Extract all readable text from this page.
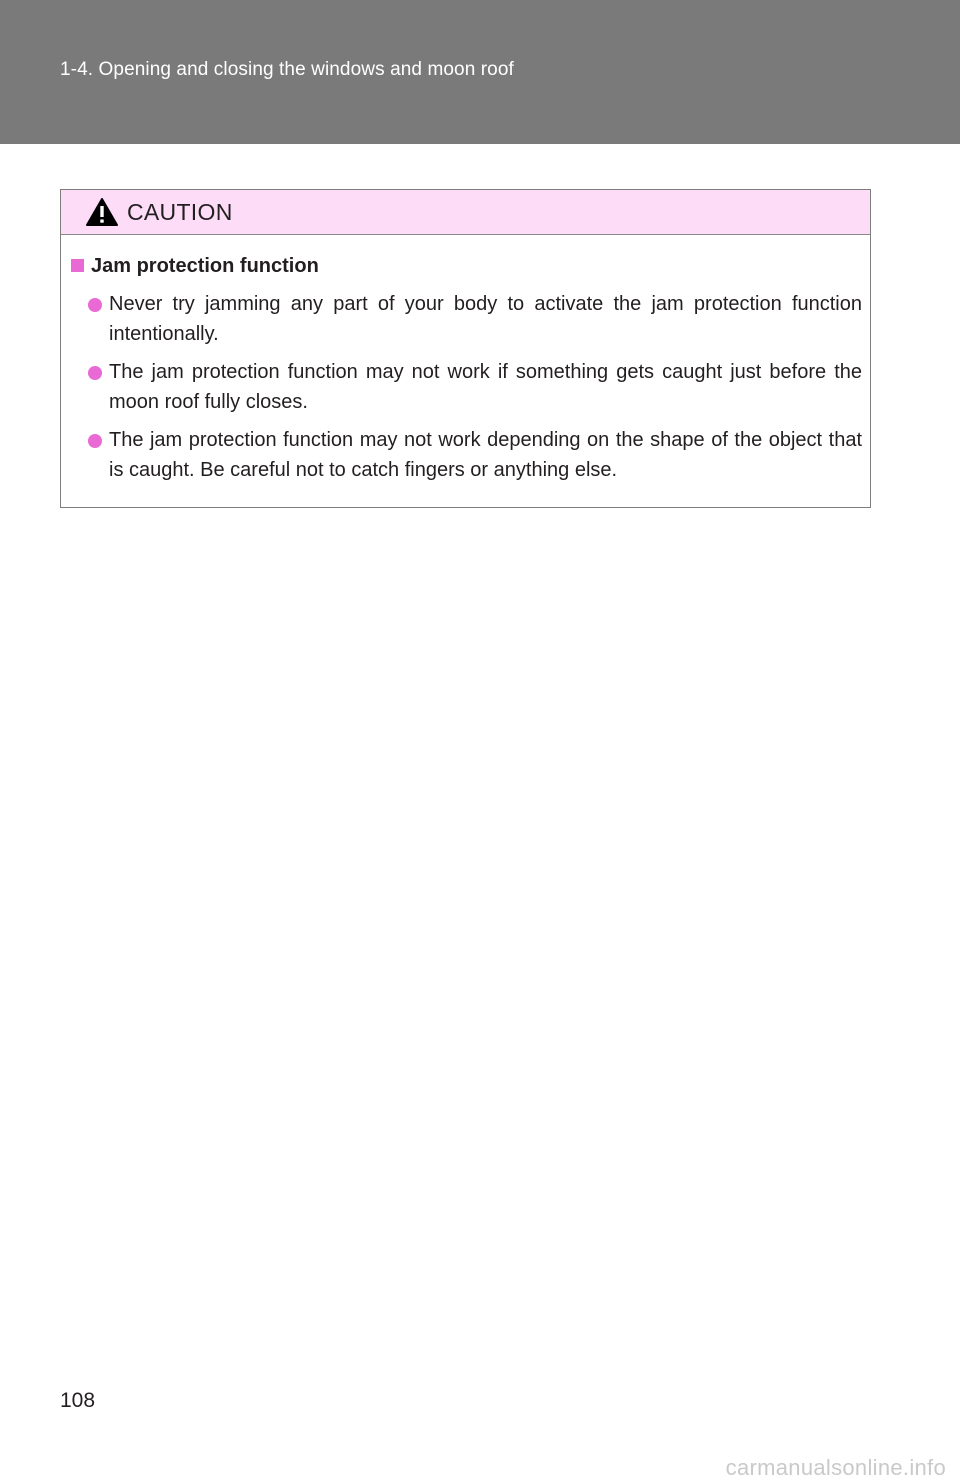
1-4. Opening and closing the windows and moon roof
CAUTION
Jam protection function
Never try jamming any part of your body to activate the jam protection function intentionally.
The jam protection function may not work if something gets caught just before the moon roof fully closes.
The jam protection function may not work depending on the shape of the object that is caught. Be careful not to catch fingers or anything else.
108
carmanualsonline.info
